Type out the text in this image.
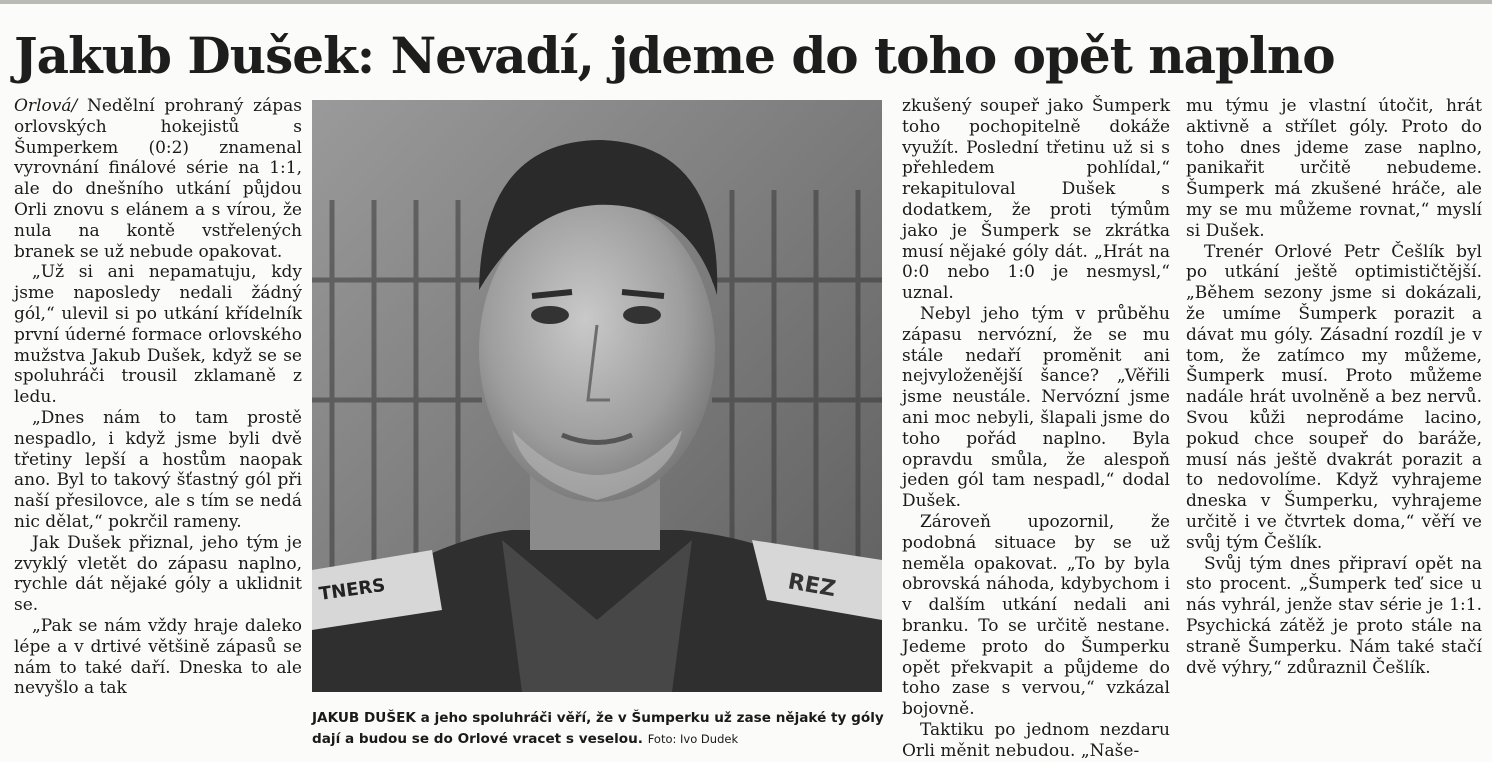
Jakub Dušek: Nevadí, jdeme do toho opět naplno

Orlová/ Nedělní prohraný zápas orlovských hokejistů s Šumperkem (0:2) znamenal vyrovnání finálové série na 1:1, ale do dnešního utkání půjdou Orli znovu s elánem a s vírou, že nula na kontě vstřelených branek se už nebude opakovat.

„Už si ani nepamatuju, kdy jsme naposledy nedali žádný gól,“ ulevil si po utkání křídelník první úderné formace orlovského mužstva Jakub Dušek, když se se spoluhráči trousil zklamaně z ledu.

„Dnes nám to tam prostě nespadlo, i když jsme byli dvě třetiny lepší a hostům naopak ano. Byl to takový šťastný gól při naší přesilovce, ale s tím se nedá nic dělat,“ pokrčil rameny.

Jak Dušek přiznal, jeho tým je zvyklý vletět do zápasu naplno, rychle dát nějaké góly a uklidnit se.

„Pak se nám vždy hraje daleko lépe a v drtivé většině zápasů se nám to také daří. Dneska to ale nevyšlo a tak

TNERS	REZ
JAKUB DUŠEK a jeho spoluhráči věří, že v Šumperku už zase nějaké ty góly dají a budou se do Orlové vracet s veselou. Foto: Ivo Dudek

zkušený soupeř jako Šumperk toho pochopitelně dokáže využít. Poslední třetinu už si s přehledem pohlídal,“ rekapituloval Dušek s dodatkem, že proti týmům jako je Šumperk se zkrátka musí nějaké góly dát. „Hrát na 0:0 nebo 1:0 je nesmysl,“ uznal.

Nebyl jeho tým v průběhu zápasu nervózní, že se mu stále nedaří proměnit ani nejvyloženější šance? „Věřili jsme neustále. Nervózní jsme ani moc nebyli, šlapali jsme do toho pořád naplno. Byla opravdu smůla, že alespoň jeden gól tam nespadl,“ dodal Dušek.

Zároveň upozornil, že podobná situace by se už neměla opakovat. „To by byla obrovská náhoda, kdybychom i v dalším utkání nedali ani branku. To se určitě nestane. Jedeme proto do Šumperku opět překvapit a půjdeme do toho zase s vervou,“ vzkázal bojovně.

Taktiku po jednom nezdaru Orli měnit nebudou. „Naše-

mu týmu je vlastní útočit, hrát aktivně a střílet góly. Proto do toho dnes jdeme zase naplno, panikařit určitě nebudeme. Šumperk má zkušené hráče, ale my se mu můžeme rovnat,“ myslí si Dušek.

Trenér Orlové Petr Češlík byl po utkání ještě optimističtější. „Během sezony jsme si dokázali, že umíme Šumperk porazit a dávat mu góly. Zásadní rozdíl je v tom, že zatímco my můžeme, Šumperk musí. Proto můžeme nadále hrát uvolněně a bez nervů. Svou kůži neprodáme lacino, pokud chce soupeř do baráže, musí nás ještě dvakrát porazit a to nedovolíme. Když vyhrajeme dneska v Šumperku, vyhrajeme určitě i ve čtvrtek doma,“ věří ve svůj tým Češlík.

Svůj tým dnes připraví opět na sto procent. „Šumperk teď sice u nás vyhrál, jenže stav série je 1:1. Psychická zátěž je proto stále na straně Šumperku. Nám také stačí dvě výhry,“ zdůraznil Češlík.
